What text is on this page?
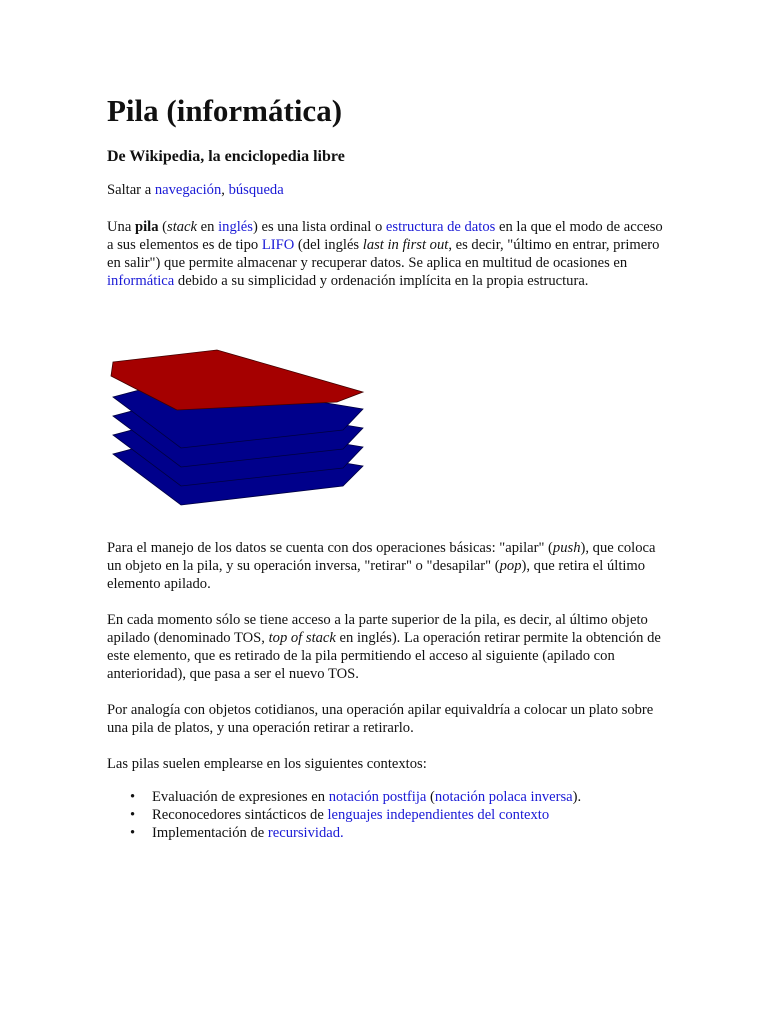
Pila (informática)

De Wikipedia, la enciclopedia libre

Saltar a navegación, búsqueda

Una pila (stack en inglés) es una lista ordinal o estructura de datos en la que el modo de acceso a sus elementos es de tipo LIFO (del inglés last in first out, es decir, "último en entrar, primero en salir") que permite almacenar y recuperar datos. Se aplica en multitud de ocasiones en informática debido a su simplicidad y ordenación implícita en la propia estructura.

Para el manejo de los datos se cuenta con dos operaciones básicas: "apilar" (push), que coloca un objeto en la pila, y su operación inversa, "retirar" o "desapilar" (pop), que retira el último elemento apilado.

En cada momento sólo se tiene acceso a la parte superior de la pila, es decir, al último objeto apilado (denominado TOS, top of stack en inglés). La operación retirar permite la obtención de este elemento, que es retirado de la pila permitiendo el acceso al siguiente (apilado con anterioridad), que pasa a ser el nuevo TOS.

Por analogía con objetos cotidianos, una operación apilar equivaldría a colocar un plato sobre una pila de platos, y una operación retirar a retirarlo.

Las pilas suelen emplearse en los siguientes contextos:

• Evaluación de expresiones en notación postfija (notación polaca inversa).
• Reconocedores sintácticos de lenguajes independientes del contexto
• Implementación de recursividad.
